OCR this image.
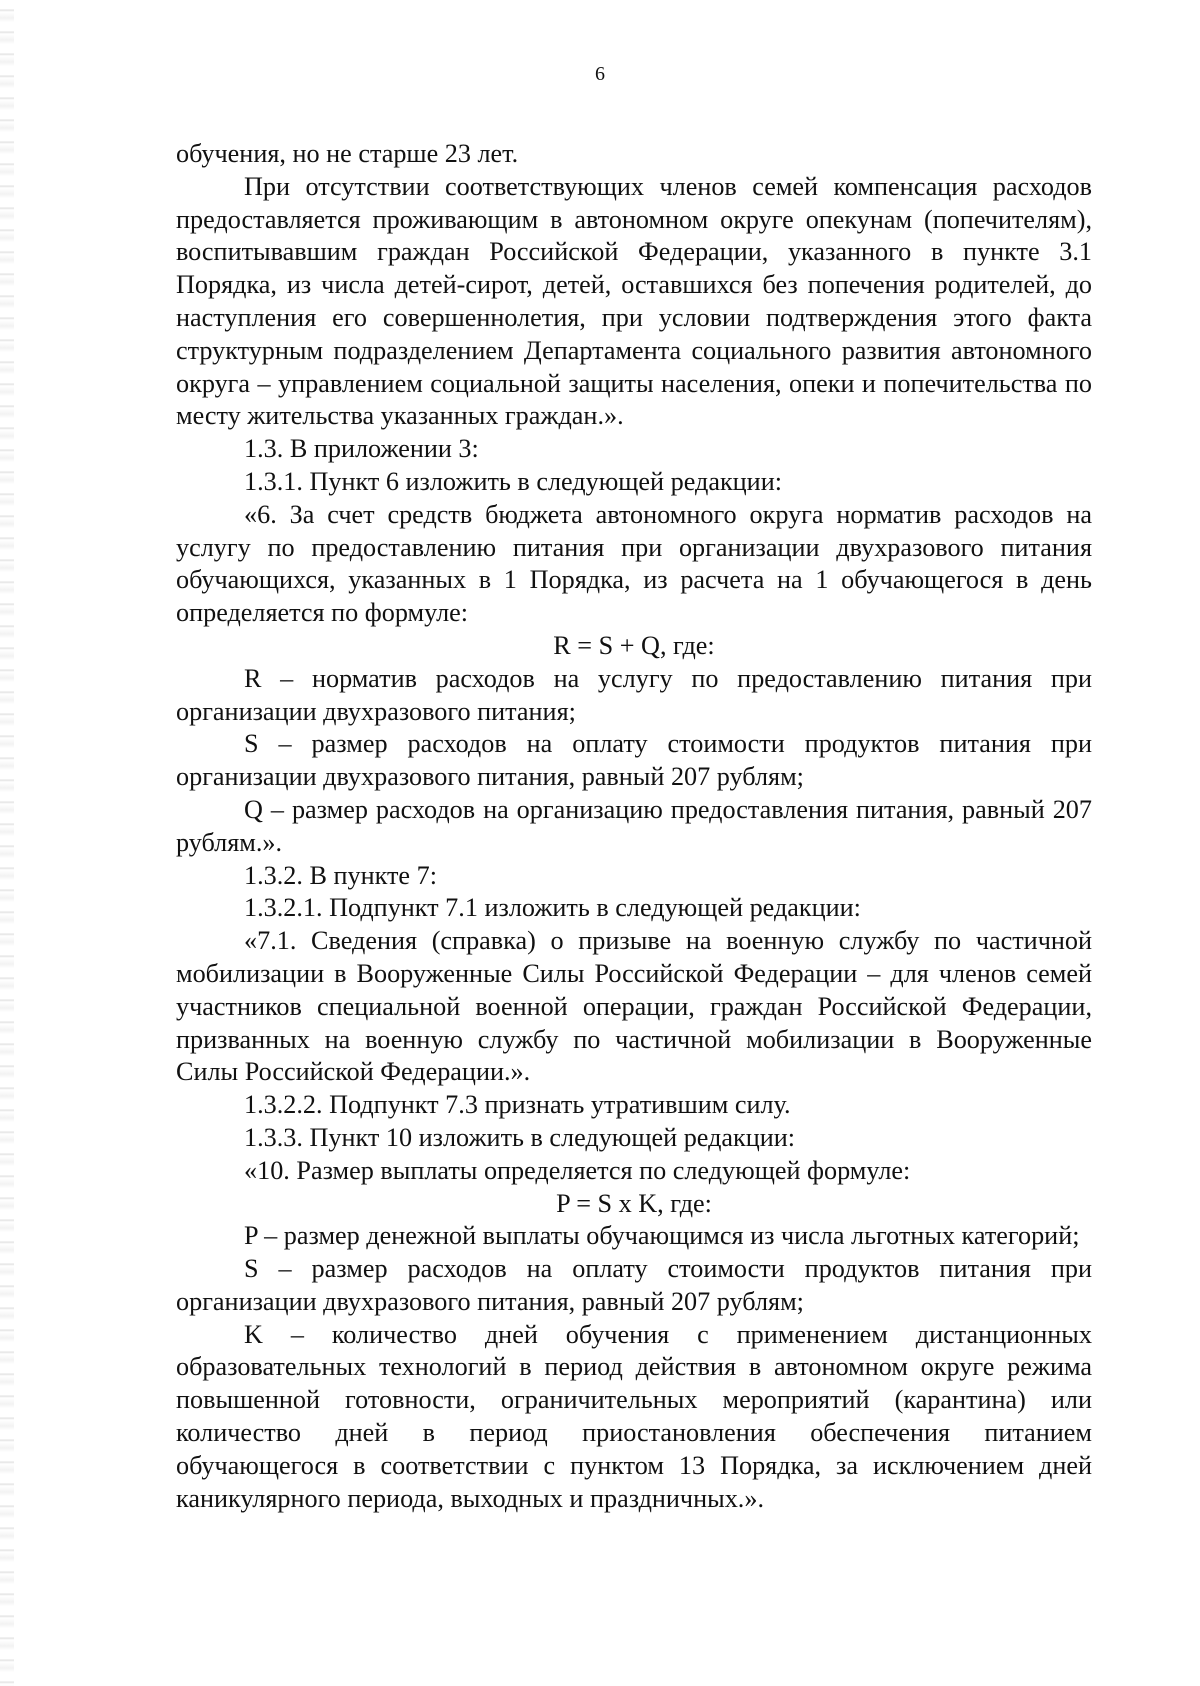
6

обучения, но не старше 23 лет.

При отсутствии соответствующих членов семей компенсация расходов предоставляется проживающим в автономном округе опекунам (попечителям), воспитывавшим граждан Российской Федерации, указанного в пункте 3.1 Порядка, из числа детей-сирот, детей, оставшихся без попечения родителей, до наступления его совершеннолетия, при условии подтверждения этого факта структурным подразделением Департамента социального развития автономного округа – управлением социальной защиты населения, опеки и попечительства по месту жительства указанных граждан.».

1.3. В приложении 3:

1.3.1. Пункт 6 изложить в следующей редакции:

«6. За счет средств бюджета автономного округа норматив расходов на услугу по предоставлению питания при организации двухразового питания обучающихся, указанных в 1 Порядка, из расчета на 1 обучающегося в день определяется по формуле:

R = S + Q, где:

R – норматив расходов на услугу по предоставлению питания при организации двухразового питания;

S – размер расходов на оплату стоимости продуктов питания при организации двухразового питания, равный 207 рублям;

Q – размер расходов на организацию предоставления питания, равный 207 рублям.».

1.3.2. В пункте 7:

1.3.2.1. Подпункт 7.1 изложить в следующей редакции:

«7.1. Сведения (справка) о призыве на военную службу по частичной мобилизации в Вооруженные Силы Российской Федерации – для членов семей участников специальной военной операции, граждан Российской Федерации, призванных на военную службу по частичной мобилизации в Вооруженные Силы Российской Федерации.».

1.3.2.2. Подпункт 7.3 признать утратившим силу.

1.3.3. Пункт 10 изложить в следующей редакции:

«10. Размер выплаты определяется по следующей формуле:

P = S x K, где:

P – размер денежной выплаты обучающимся из числа льготных категорий;

S – размер расходов на оплату стоимости продуктов питания при организации двухразового питания, равный 207 рублям;

K – количество дней обучения с применением дистанционных образовательных технологий в период действия в автономном округе режима повышенной готовности, ограничительных мероприятий (карантина) или количество дней в период приостановления обеспечения питанием обучающегося в соответствии с пунктом 13 Порядка, за исключением дней каникулярного периода, выходных и праздничных.».
